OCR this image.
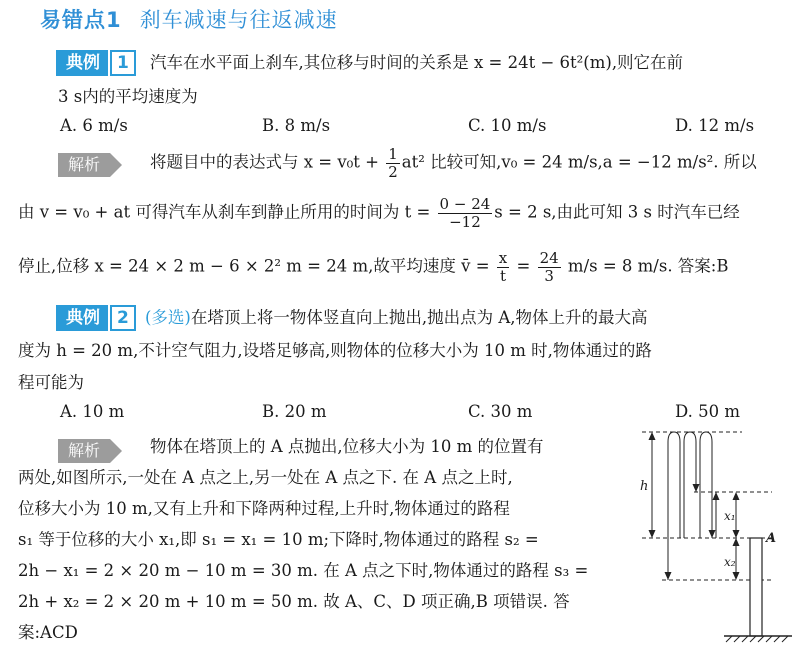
易错点1 刹车减速与往返减速
典例	1	汽车在水平面上刹车,其位移与时间的关系是 x = 24t − 6t²(m),则它在前
3 s内的平均速度为
A. 6 m/s	B. 8 m/s	C. 10 m/s	D. 12 m/s
解析	将题目中的表达式与 $x = v_0t + \frac{1}{2} at^2$ 比较可知,v₀ = 24 m/s,a = −12 m/s². 所以
由 v = v₀ + at 可得汽车从刹车到静止所用的时间为 $t = \frac{0 - 24}{-12}$ s = 2 s,由此可知 3 s 时汽车已经
停止,位移 x = 24 × 2 m − 6 × 2² m = 24 m,故平均速度 v̄ = $\frac{x}{t} = \frac{24}{3} m/s = 8$ m/s. 答案:B
典例	2 (多选)在塔顶上将一物体竖直向上抛出,抛出点为 A,物体上升的最大高
度为 h = 20 m,不计空气阻力,设塔足够高,则物体的位移大小为 10 m 时,物体通过的路
程可能为
A. 10 m	B. 20 m	C. 30 m	D. 50 m
解析	物体在塔顶上的 A 点抛出,位移大小为 10 m 的位置有
两处,如图所示,一处在 A 点之上,另一处在 A 点之下. 在 A 点之上时,
位移大小为 10 m,又有上升和下降两种过程,上升时,物体通过的路程
s₁ 等于位移的大小 x₁,即 s₁ = x₁ = 10 m;下降时,物体通过的路程 s₂ =
2h − x₁ = 2 × 20 m − 10 m = 30 m. 在 A 点之下时,物体通过的路程 s₃ =
2h + x₂ = 2 × 20 m + 10 m = 50 m. 故 A、C、D 项正确,B 项错误. 答
案:ACD
h
x₁
x₂
A
